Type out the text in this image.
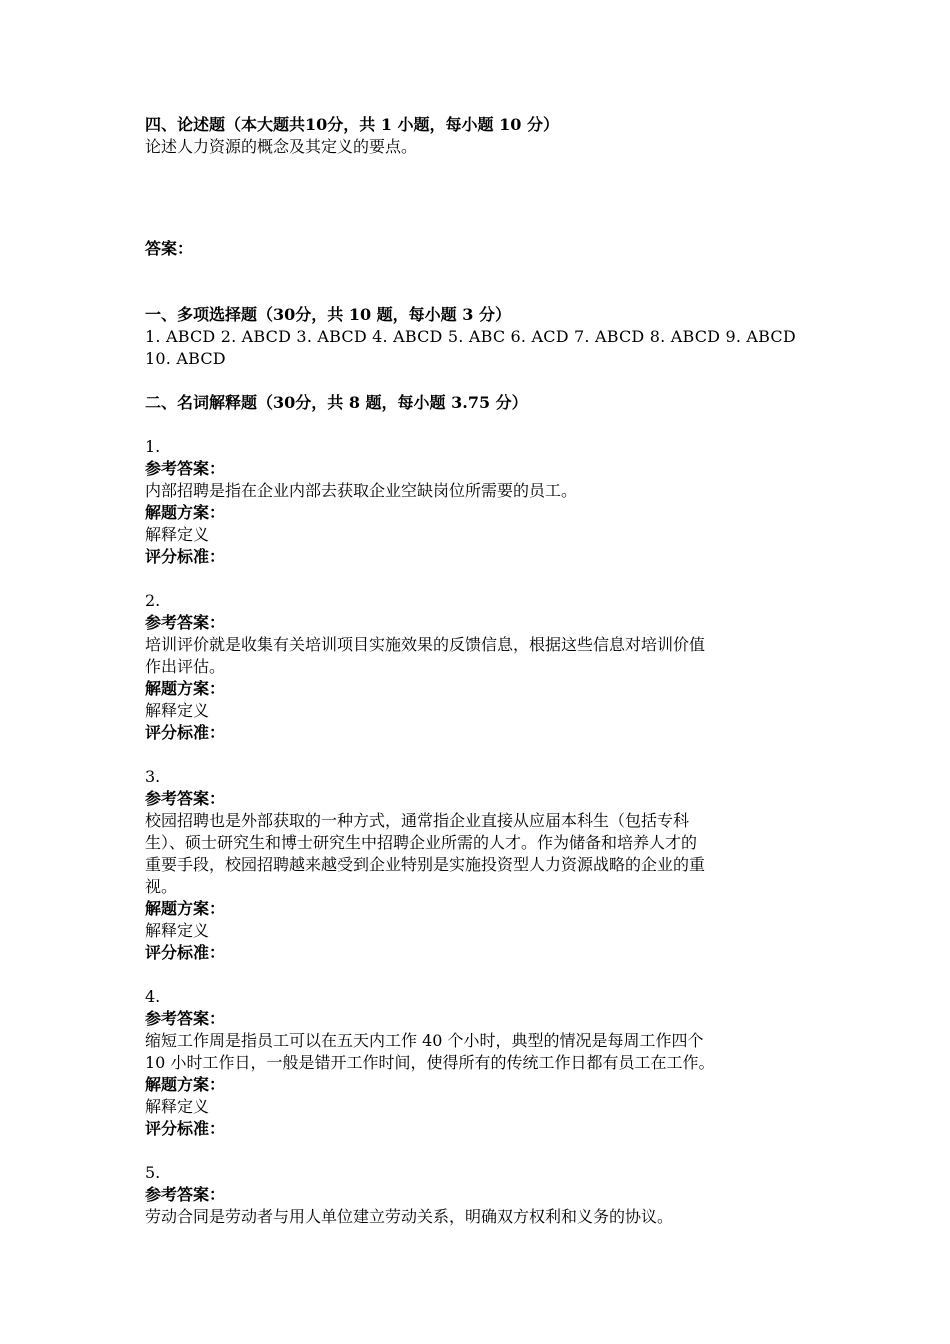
四、论述题（本大题共10分，共 1 小题，每小题 10 分）
论述人力资源的概念及其定义的要点。
答案：
一、多项选择题（30分，共 10 题，每小题 3 分）
1. ABCD 2. ABCD 3. ABCD 4. ABCD 5. ABC 6. ACD 7. ABCD 8. ABCD 9. ABCD
10. ABCD
二、名词解释题（30分，共 8 题，每小题 3.75 分）
1.
参考答案：
内部招聘是指在企业内部去获取企业空缺岗位所需要的员工。
解题方案：
解释定义
评分标准：
2.
参考答案：
培训评价就是收集有关培训项目实施效果的反馈信息，根据这些信息对培训价值
作出评估。
解题方案：
解释定义
评分标准：
3.
参考答案：
校园招聘也是外部获取的一种方式，通常指企业直接从应届本科生（包括专科
生）、硕士研究生和博士研究生中招聘企业所需的人才。作为储备和培养人才的
重要手段，校园招聘越来越受到企业特别是实施投资型人力资源战略的企业的重
视。
解题方案：
解释定义
评分标准：
4.
参考答案：
缩短工作周是指员工可以在五天内工作 40 个小时，典型的情况是每周工作四个
10 小时工作日，一般是错开工作时间，使得所有的传统工作日都有员工在工作。
解题方案：
解释定义
评分标准：
5.
参考答案：
劳动合同是劳动者与用人单位建立劳动关系，明确双方权利和义务的协议。
